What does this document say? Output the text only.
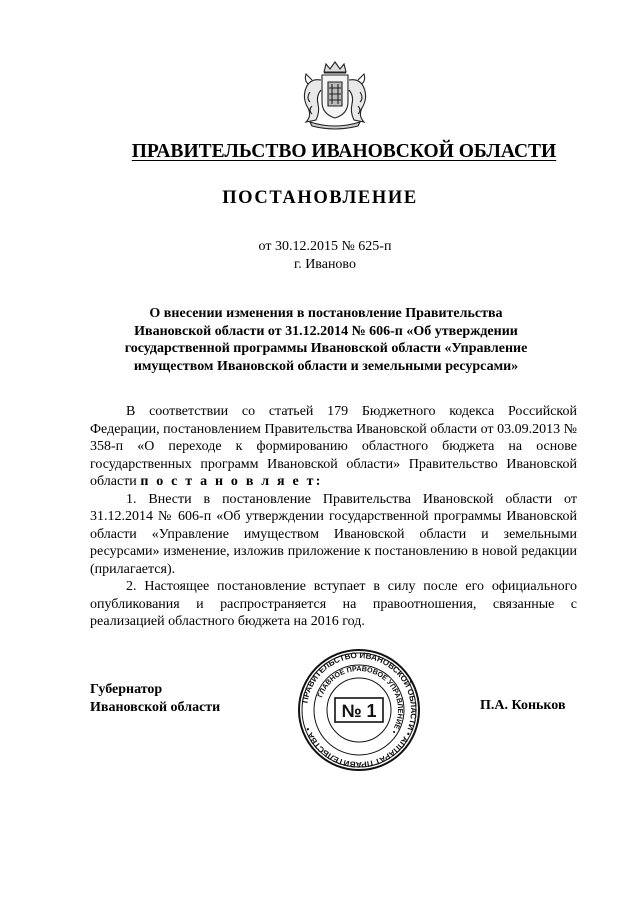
ПРАВИТЕЛЬСТВО ИВАНОВСКОЙ ОБЛАСТИ
ПОСТАНОВЛЕНИЕ
от 30.12.2015 № 625-п
г. Иваново
О внесении изменения в постановление Правительства
Ивановской области от 31.12.2014 № 606-п «Об утверждении
государственной программы Ивановской области «Управление
имуществом Ивановской области и земельными ресурсами»

В соответствии со статьей 179 Бюджетного кодекса Российской Федерации, постановлением Правительства Ивановской области от 03.09.2013 № 358-п «О переходе к формированию областного бюджета на основе государственных программ Ивановской области» Правительство Ивановской области п о с т а н о в л я е т:

1. Внести в постановление Правительства Ивановской области от 31.12.2014 № 606-п «Об утверждении государственной программы Ивановской области «Управление имуществом Ивановской области и земельными ресурсами» изменение, изложив приложение к постановлению в новой редакции (прилагается).

2. Настоящее постановление вступает в силу после его официального опубликования и распространяется на правоотношения, связанные с реализацией областного бюджета на 2016 год.

Губернатор
Ивановской области	ПРАВИТЕЛЬСТВО ИВАНОВСКОЙ ОБЛАСТИ • АППАРАТ ПРАВИТЕЛЬСТВА •
ГЛАВНОЕ ПРАВОВОЕ УПРАВЛЕНИЕ •
№ 1	П.А. Коньков
